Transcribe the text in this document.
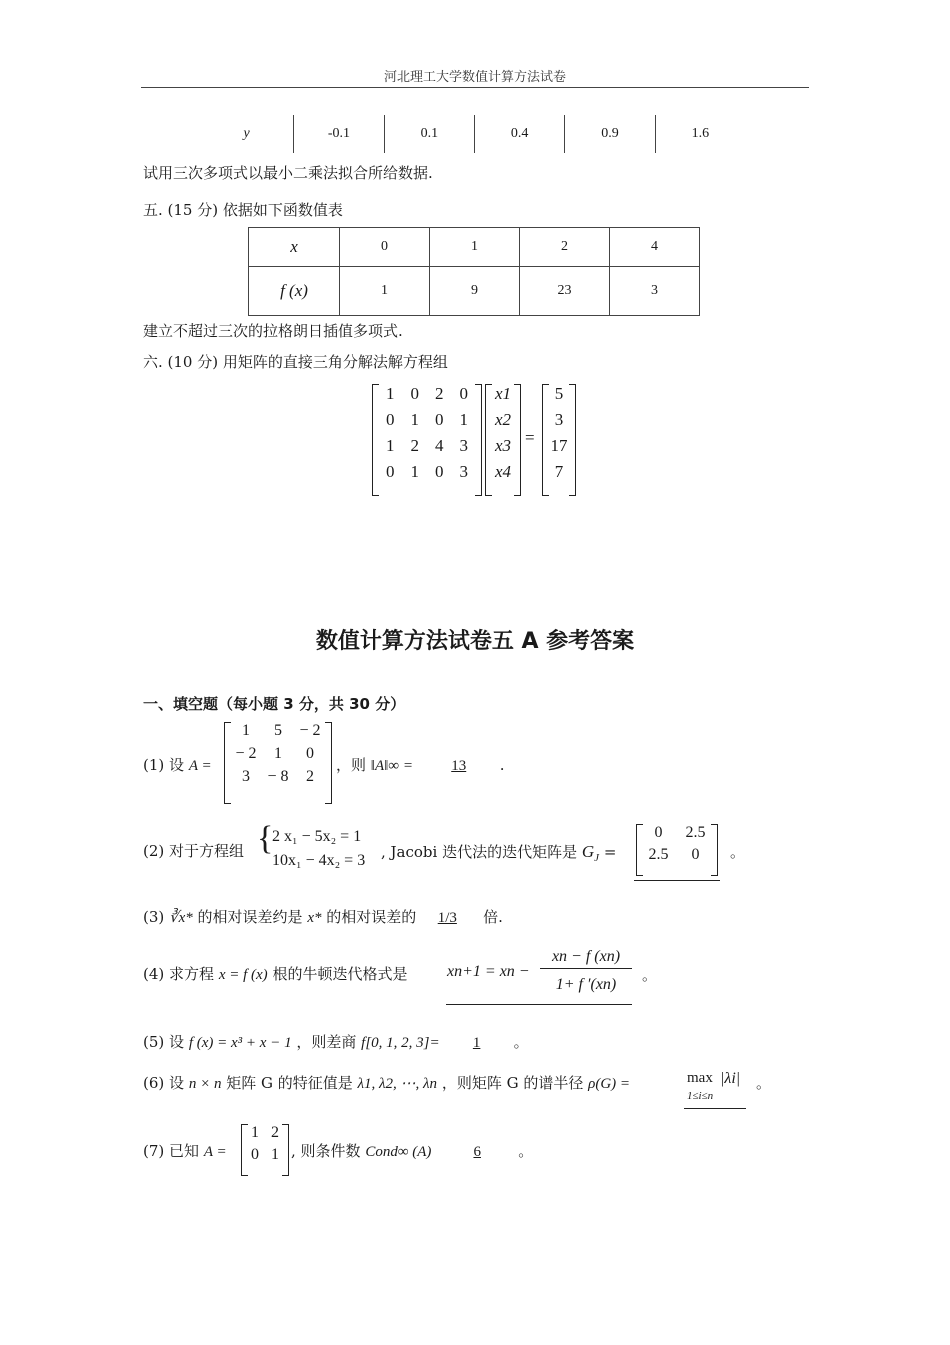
河北理工大学数值计算方法试卷
y	-0.1	0.1	0.4	0.9	1.6
试用三次多项式以最小二乘法拟合所给数据.
五. (15 分) 依据如下函数值表
x	0	1	2	4
f (x)	1	9	23	3
建立不超过三次的拉格朗日插值多项式.
六. (10 分) 用矩阵的直接三角分解法解方程组
1 0 2 0
0 1 0 1
1 2 4 3
0 1 0 3
x1
x2
x3
x4
=
5
3
17
7
数值计算方法试卷五 A 参考答案
一、填空题（每小题 3 分，共 30 分）
(1) 设 A =
1	5	− 2
− 2	1	0
3	− 8	2
，则 ‖A‖∞ =	13 .
(2) 对于方程组 {
2 x₁ − 5x₂ = 1
10x₁ − 4x₂ = 3 , Jacobi 迭代法的迭代矩阵是 $G_J$ =
0	2.5
2.5	0	。
(3) ∛x* 的相对误差约是 x* 的相对误差的 1/3 倍.
(4) 求方程 x = f (x) 根的牛顿迭代格式是 xn+1 = xn −
xn − f (xn)
1+ f ′(xn)
。
(5) 设 f (x) = x³ + x − 1 ，则差商 f[0, 1, 2, 3]= 1 。
(6) 设 n × n 矩阵 G 的特征值是 λ1, λ2, ⋯, λn ，则矩阵 G 的谱半径 ρ(G) =	max
1≤i≤n
|λi| 。
(7) 已知 A =
1 2
0 1 , 则条件数 Cond∞ (A)	6 。
